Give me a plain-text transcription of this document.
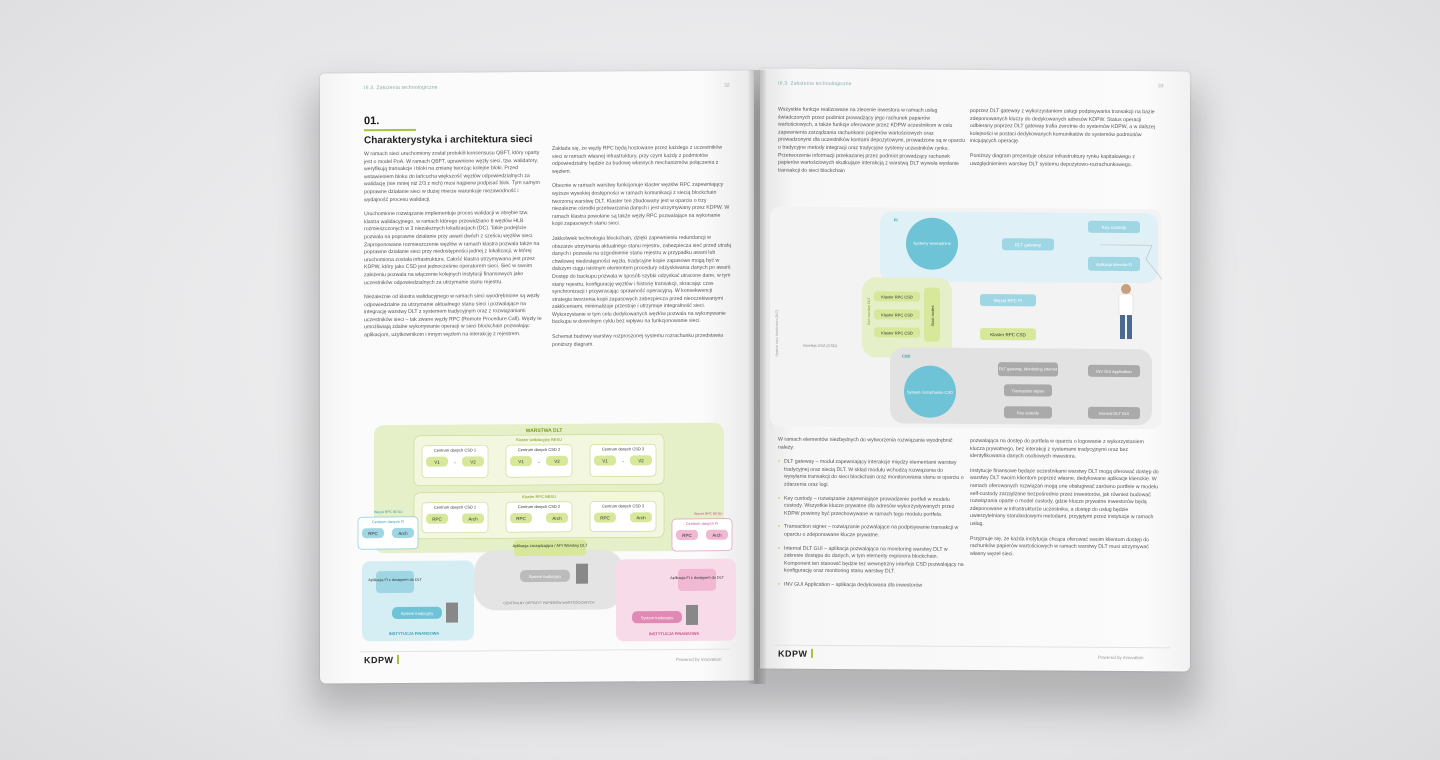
III.3. Założenia technologiczne	32
01.
Charakterystyka i architektura sieci

W ramach sieci uruchomiony został protokół konsensusu QBFT, który oparty jest o model PoA. W ramach QBFT, uprawnione węzły sieci, tzw. walidatory, weryfikują transakcje i bloki na zmianę tworząc kolejne bloki. Przed wstawieniem bloku do łańcucha większość węzłów odpowiedzialnych za walidację (nie mniej niż 2/3 z nich) musi najpierw podpisać blok. Tym samym poprawne działanie sieci w dużej mierze warunkuje niezawodność i wydajność procesu walidacji.

Uruchomione rozwiązanie implementuje proces walidacji w obrębie tzw. klastra walidacyjnego, w ramach którego przewidziano 6 węzłów HLB rozmieszczonych w 3 niezależnych lokalizacjach (DC). Takie podejście pozwala na poprawne działanie przy awarii dwóch z sześciu węzłów sieci. Zaproponowane rozmieszczenie węzłów w ramach klastra pozwala także na poprawne działanie sieci przy niedostępności jednej z lokalizacji, w której uruchomiona została infrastruktura. Całość klastra utrzymywana jest przez KDPW, który jako CSD jest jednocześnie operatorem sieci. Sieć w swoim założeniu pozwala na włączenie kolejnych instytucji finansowych jako uczestników odpowiedzialnych za utrzymanie stanu rejestru.

Niezależnie od klastra walidacyjnego w ramach sieci wyodrębnione są węzły odpowiedzialne za utrzymanie aktualnego stanu sieci i pozwalające na integrację warstwy DLT z systemem tradycyjnym oraz z rozwiązaniami uczestników sieci – tak zwane węzły RPC (Remote Procedure Call). Węzły te umożliwiają zdalne wykonywanie operacji w sieci blockchain pozwalając aplikacjom, użytkownikom i innym węzłom na interakcję z rejestrem.

Zakłada się, że węzły RPC będą hostowane przez każdego z uczestników sieci w ramach własnej infrastruktury, przy czym każdy z podmiotów odpowiedzialny będzie za budowę własnych mechanizmów połączenia z węzłem.

Obecnie w ramach warstwy funkcjonuje klaster węzłów RPC zapewniający wyższe wysokiej dostępności w ramach komunikacji z siecią blockchain tworzoną warstwę DLT. Klaster ten zbudowany jest w oparciu o trzy niezależne ośrodki przetwarzania danych i jest utrzymywany przez KDPW. W ramach klastra powołane są także węzły RPC pozwalające na wykonanie kopii zapasowych stanu sieci.

Jakkolwiek technologia blockchain, dzięki zapewnieniu redundancji w obszarze utrzymania aktualnego stanu rejestru, zabezpiecza sieć przed utratą danych i pozwala na uzgodnienie stanu rejestru w przypadku awarii lub chwilowej niedostępności węzła, tradycyjne kopie zapasowe mogą być w dalszym ciągu istotnym elementem procedury odzyskiwania danych po awarii. Dostęp do backupu pozwala w sposób szybki odzyskać utracone dane, w tym stany rejestru, konfigurację węzłów i historię transakcji, skracając czas synchronizacji i przywracając sprawność operacyjną. W konsekwencji strategia tworzenia kopii zapasowych zabezpiecza przed nieoczekiwanymi zakłóceniami, minimalizuje przestoje i utrzymuje integralność sieci. Wykorzystanie w tym celu dedykowanych węzłów pozwala na wykonywanie backupu w dowolnym cyklu bez wpływu na funkcjonowanie sieci.

Schemat budowy warstwy rozproszonej systemu rozrachunku przedstawia poniższy diagram.

WARSTWA DLT
Klaster walidacyjny BESU
Centrum danych CSD 1
V1	V2
↔
Centrum danych CSD 2
V1	V2
↔
Centrum danych CSD 3
V1	V2
↔
Klaster RPC BESU
Centrum danych CSD 1
RPC	Arch
Centrum danych CSD 2
RPC	Arch
Centrum danych CSD 3
RPC	Arch
Centrum danych FI
RPC	Arch
Węzeł RPC BESU
Centrum danych FI
RPC	Arch
Węzeł RPC BESU
Aplikacja zarządzająca / API Warstwy DLT
System tradycyjny
CENTRALNY DEPOZYT PAPIERÓW WARTOŚCIOWYCH
Aplikacja FI z dostępem do DLT
System tradycyjny
INSTYTUCJA FINANSOWA
Aplikacja FI z dostępem do DLT
System tradycyjny
INSTYTUCJA FINANSOWA
KDPW	Powered by innovation
III.3. Założenia technologiczne	33

Wszystkie funkcje realizowane na zlecenie inwestora w ramach usług świadczonych przez podmiot prowadzący jego rachunek papierów wartościowych, a także funkcje oferowane przez KDPW uczestnikom w celu zapewnienia zarządzania rachunkami papierów wartościowych oraz prowadzonymi dla uczestników kontami depozytowymi, prowadzone są w oparciu o tradycyjne metody integracji oraz tradycyjne systemy uczestników rynku. Przetworzenie informacji przekazanej przez podmiot prowadzący rachunek papierów wartościowych skutkujące interakcją z warstwą DLT wywoła wysłanie transakcji do sieci blockchain

poprzez DLT gateway z wykorzystaniem usługi podpisywania transakcji na bazie zdeponowanych kluczy do dedykowanych adresów KDPW. Status operacji odbierany poprzez DLT gateway trafia zwrotnie do systemów KDPW, a w dalszej kolejności w postaci dedykowanych komunikatów do systemów podmiotów inicjujących operację.

Poniższy diagram prezentuje obszar infrastruktury rynku kapitałowego z uwzględnieniem warstwy DLT systemu depozytowo-rozrachunkowego.

System sieci blockchain (DLT)
FI
Systemy wewnętrzne	DLT gateway
Key custody
Aplikacja kliencka FI
Sieć warstwy DLT
Klaster RPC CSD
Klaster RPC CSD
Klaster RPC CSD
Boot nodes
Węzeł RPC FI
Klaster RPC CSD
Interfejs USA (CSD)
CSD
System rozrachunku CSD
DLT gateway, Monitoring internet
Transaction signer
Key custody
INV GUI Application
Internal DLT GUI

W ramach elementów niezbędnych do wytworzenia rozwiązania wyodrębnić należy:

• DLT gateway – moduł zapewniający interakcje między elementami warstwy tradycyjnej oraz siecią DLT. W skład modułu wchodzą rozwiązania do wysyłania transakcji do sieci blockchain oraz monitorowania stanu w oparciu o zdarzenia oraz logi.
• Key custody – rozwiązanie zapewniające prowadzenie portfeli w modelu custody. Wszystkie klucze prywatne dla adresów wykorzystywanych przez KDPW powinny być przechowywane w ramach tego modelu portfela.
• Transaction signer – rozwiązanie pozwalające na podpisywanie transakcji w oparciu o zdeponowane klucze prywatne.
• Internal DLT GUI – aplikacja pozwalająca na monitoring warstwy DLT w zakresie dostępu do danych, w tym elementy explorera blockchain. Komponent ten stanowić będzie też wewnętrzny interfejs CSD pozwalający na konfigurację oraz monitoring stanu warstwy DLT.
• INV GUI Application – aplikacja dedykowana dla inwestorów

pozwalająca na dostęp do portfela w oparciu o logowanie z wykorzystaniem klucza prywatnego, bez interakcji z systemami tradycyjnymi oraz bez identyfikowania danych osobowych inwestora.

Instytucje finansowe będące uczestnikami warstwy DLT mogą oferować dostęp do warstwy DLT swoim klientom poprzez własne, dedykowane aplikacje klienckie. W ramach oferowanych rozwiązań mogą one obsługiwać zarówno portfele w modelu self-custody zarządzane bezpośrednio przez inwestorów, jak również budować rozwiązania oparte o model custody, gdzie klucze prywatne inwestorów będą zdeponowane w infrastrukturze uczestnika, a dostęp do usług będzie uwierzytelniany standardowymi metodami, przyjętymi przez instytucje w ramach usług.

Przyjmuje się, że każda instytucja chcąca oferować swoim klientom dostęp do rachunków papierów wartościowych w ramach warstwy DLT musi utrzymywać własny węzeł sieci.

KDPW	Powered by innovation
